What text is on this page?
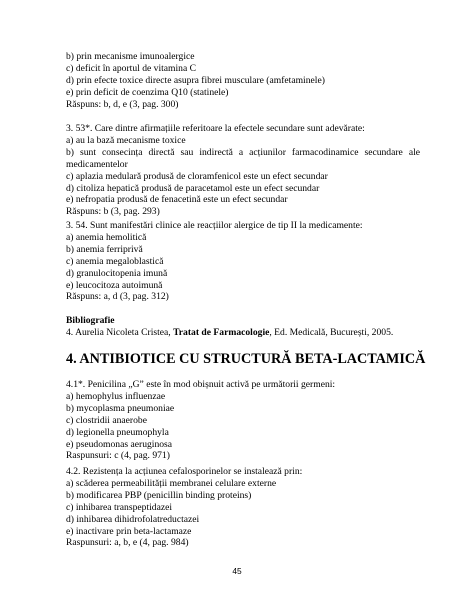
b) prin mecanisme imunoalergice
c) deficit în aportul de vitamina C
d) prin efecte toxice directe asupra fibrei musculare (amfetaminele)
e) prin deficit de coenzima Q10 (statinele)
Răspuns: b, d, e (3, pag. 300)
3. 53*. Care dintre afirmațiile referitoare la efectele secundare sunt adevărate:
a) au la bază mecanisme toxice
b) sunt consecința directă sau indirectă a acțiunilor farmacodinamice secundare ale
medicamentelor
c) aplazia medulară produsă de cloramfenicol este un efect secundar
d) citoliza hepatică produsă de paracetamol este un efect secundar
e) nefropatia produsă de fenacetină este un efect secundar
Răspuns: b (3, pag. 293)
3. 54. Sunt manifestări clinice ale reacțiilor alergice de tip II la medicamente:
a) anemia hemolitică
b) anemia ferriprivă
c) anemia megaloblastică
d) granulocitopenia imună
e) leucocitoza autoimună
Răspuns: a, d (3, pag. 312)
Bibliografie
4. Aurelia Nicoleta Cristea, Tratat de Farmacologie, Ed. Medicală, București, 2005.
4. ANTIBIOTICE CU STRUCTURĂ BETA-LACTAMICĂ
4.1*. Penicilina „G” este în mod obișnuit activă pe următorii germeni:
a) hemophylus influenzae
b) mycoplasma pneumoniae
c) clostridii anaerobe
d) legionella pneumophyla
e) pseudomonas aeruginosa
Raspunsuri: c (4, pag. 971)
4.2. Rezistența la acțiunea cefalosporinelor se instalează prin:
a) scăderea permeabilității membranei celulare externe
b) modificarea PBP (penicillin binding proteins)
c) inhibarea transpeptidazei
d) inhibarea dihidrofolatreductazei
e) inactivare prin beta-lactamaze
Raspunsuri: a, b, e (4, pag. 984)
45
